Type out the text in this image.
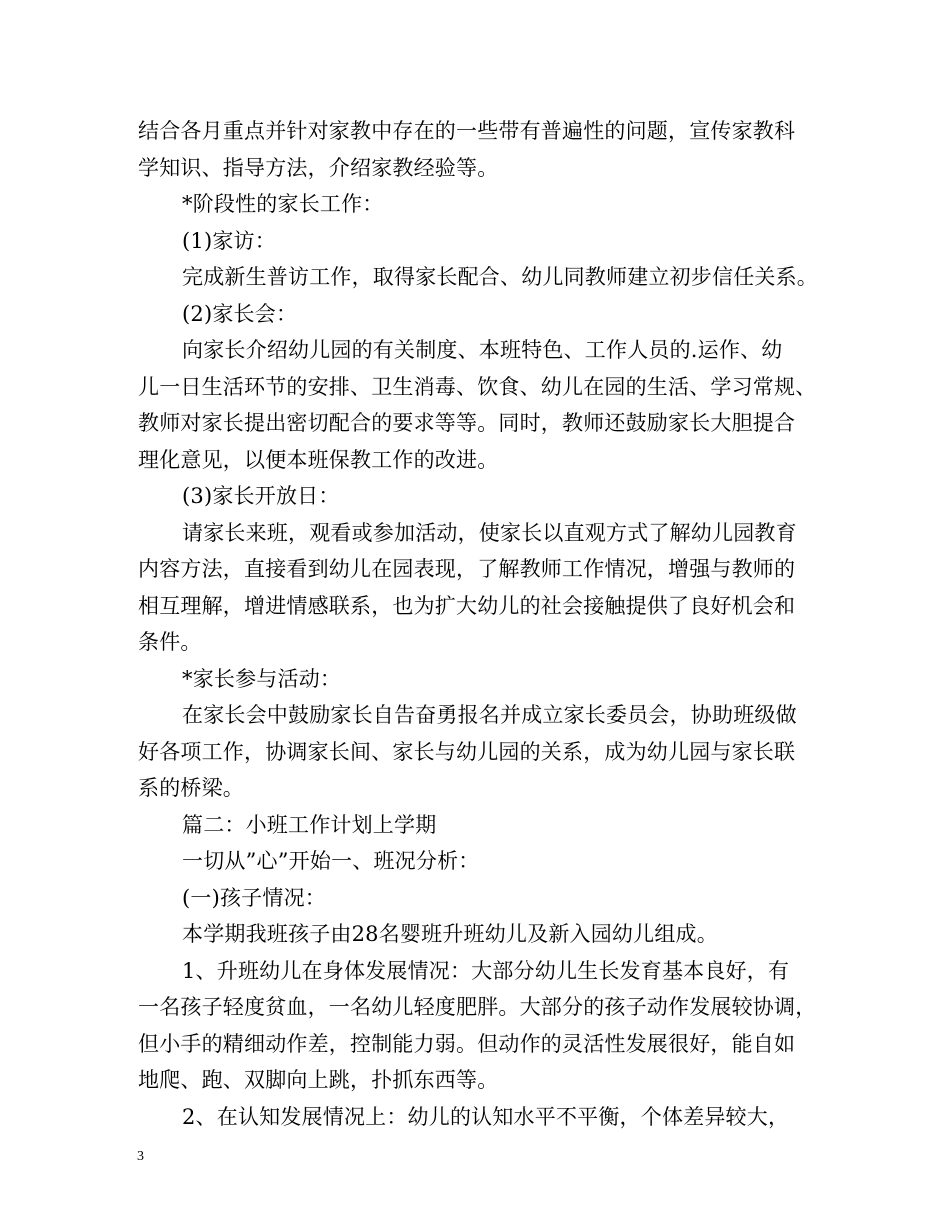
结合各月重点并针对家教中存在的一些带有普遍性的问题，宣传家教科
学知识、指导方法，介绍家教经验等。
*阶段性的家长工作：
(1)家访：
完成新生普访工作，取得家长配合、幼儿同教师建立初步信任关系。
(2)家长会：
向家长介绍幼儿园的有关制度、本班特色、工作人员的.运作、幼
儿一日生活环节的安排、卫生消毒、饮食、幼儿在园的生活、学习常规、
教师对家长提出密切配合的要求等等。同时，教师还鼓励家长大胆提合
理化意见，以便本班保教工作的改进。
(3)家长开放日：
请家长来班，观看或参加活动，使家长以直观方式了解幼儿园教育
内容方法，直接看到幼儿在园表现，了解教师工作情况，增强与教师的
相互理解，增进情感联系，也为扩大幼儿的社会接触提供了良好机会和
条件。
*家长参与活动：
在家长会中鼓励家长自告奋勇报名并成立家长委员会，协助班级做
好各项工作，协调家长间、家长与幼儿园的关系，成为幼儿园与家长联
系的桥梁。
篇二：小班工作计划上学期
一切从”心”开始一、班况分析：
(一)孩子情况：
本学期我班孩子由28名婴班升班幼儿及新入园幼儿组成。
1、升班幼儿在身体发展情况：大部分幼儿生长发育基本良好，有
一名孩子轻度贫血，一名幼儿轻度肥胖。大部分的孩子动作发展较协调，
但小手的精细动作差，控制能力弱。但动作的灵活性发展很好，能自如
地爬、跑、双脚向上跳，扑抓东西等。
2、在认知发展情况上：幼儿的认知水平不平衡，个体差异较大，
3
